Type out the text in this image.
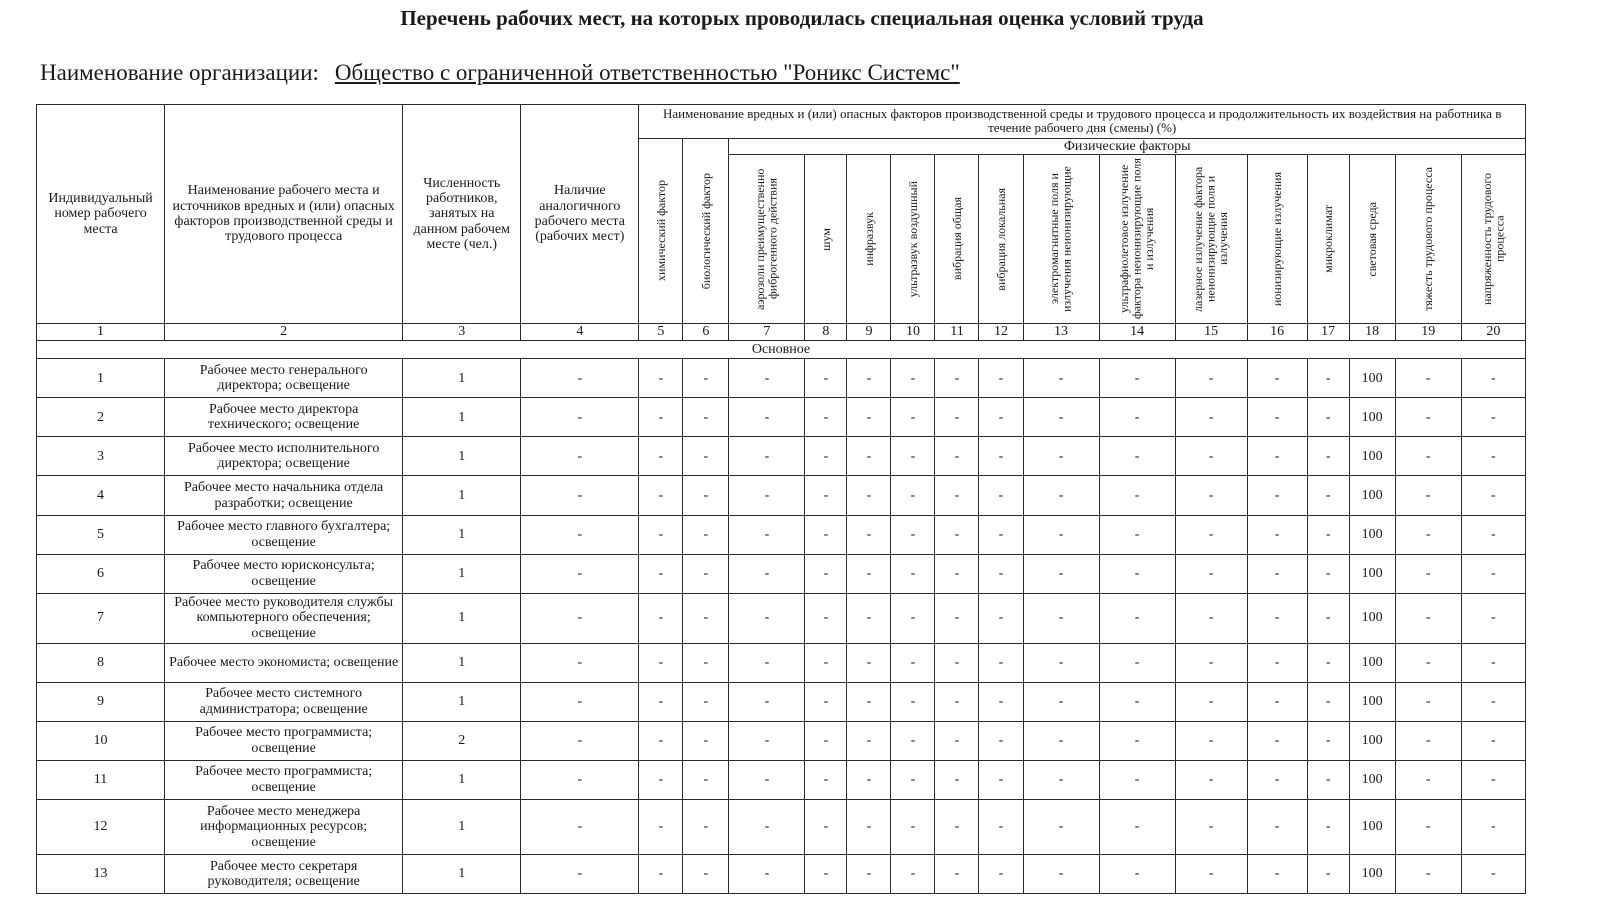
Перечень рабочих мест, на которых проводилась специальная оценка условий труда
Наименование организации: Общество с ограниченной ответственностью "Роникс Системс"
Индивидуальный номер рабочего места	Наименование рабочего места и источников вредных и (или) опасных факторов производственной среды и трудового процесса	Численность работников, занятых на данном рабочем месте (чел.)	Наличие аналогичного рабочего места (рабочих мест)	Наименование вредных и (или) опасных факторов производственной среды и трудового процесса и продолжительность их воздействия на работника в течение рабочего дня (смены) (%)															

				химический фактор	биологический фактор	Физические факторы													

						аэрозоли преимущественно фиброгенного действия	шум	инфразвук	ультразвук воздушный	вибрация общая	вибрация локальная	электромагнитные поля и излучения неионизирующие	ультрафиолетовое излучение фактора неионизирующие поля и излучения	лазерное излучение фактора неионизирующие поля и излучения	ионизирующие излучения	микроклимат	световая среда	тяжесть трудового процесса	напряженность трудового процесса

1	2	3	4	5	6	7	8	9	10	11	12	13	14	15	16	17	18	19	20
Основное																			
1	Рабочее место генерального директора; освещение	1	-	-	-	-	-	-	-	-	-	-	-	-	-	-	100	-	-
2	Рабочее место директора технического; освещение	1	-	-	-	-	-	-	-	-	-	-	-	-	-	-	100	-	-
3	Рабочее место исполнительного директора; освещение	1	-	-	-	-	-	-	-	-	-	-	-	-	-	-	100	-	-
4	Рабочее место начальника отдела разработки; освещение	1	-	-	-	-	-	-	-	-	-	-	-	-	-	-	100	-	-
5	Рабочее место главного бухгалтера; освещение	1	-	-	-	-	-	-	-	-	-	-	-	-	-	-	100	-	-
6	Рабочее место юрисконсульта; освещение	1	-	-	-	-	-	-	-	-	-	-	-	-	-	-	100	-	-
7	Рабочее место руководителя службы компьютерного обеспечения; освещение	1	-	-	-	-	-	-	-	-	-	-	-	-	-	-	100	-	-
8	Рабочее место экономиста; освещение	1	-	-	-	-	-	-	-	-	-	-	-	-	-	-	100	-	-
9	Рабочее место системного администратора; освещение	1	-	-	-	-	-	-	-	-	-	-	-	-	-	-	100	-	-
10	Рабочее место программиста; освещение	2	-	-	-	-	-	-	-	-	-	-	-	-	-	-	100	-	-
11	Рабочее место программиста; освещение	1	-	-	-	-	-	-	-	-	-	-	-	-	-	-	100	-	-
12	Рабочее место менеджера информационных ресурсов; освещение	1	-	-	-	-	-	-	-	-	-	-	-	-	-	-	100	-	-
13	Рабочее место секретаря руководителя; освещение	1	-	-	-	-	-	-	-	-	-	-	-	-	-	-	100	-	-
